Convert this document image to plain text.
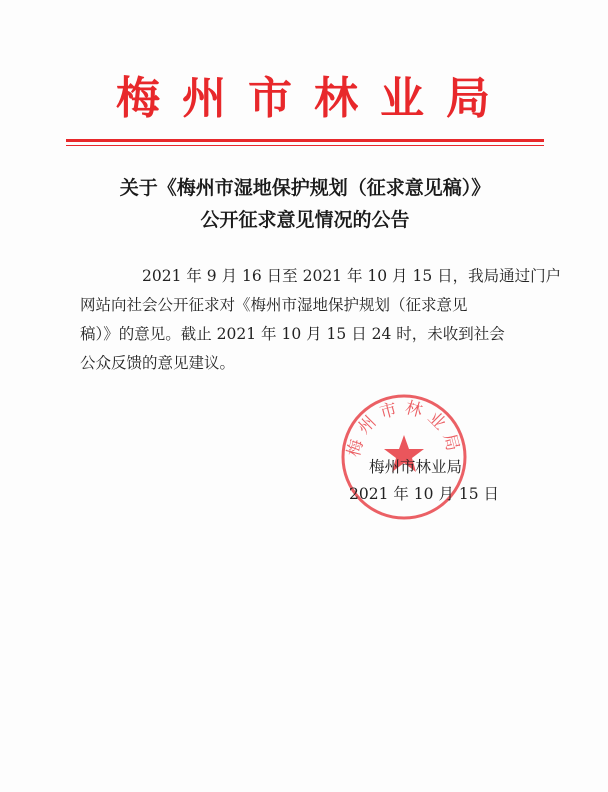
梅州市林业局
关于《梅州市湿地保护规划（征求意见稿）》
公开征求意见情况的公告
2021 年 9 月 16 日至 2021 年 10 月 15 日，我局通过门户
网站向社会公开征求对《梅州市湿地保护规划（征求意见
稿）》的意见。截止 2021 年 10 月 15 日 24 时，未收到社会
公众反馈的意见建议。
梅州市林业局
梅州市林业局
2021 年 10 月 15 日
